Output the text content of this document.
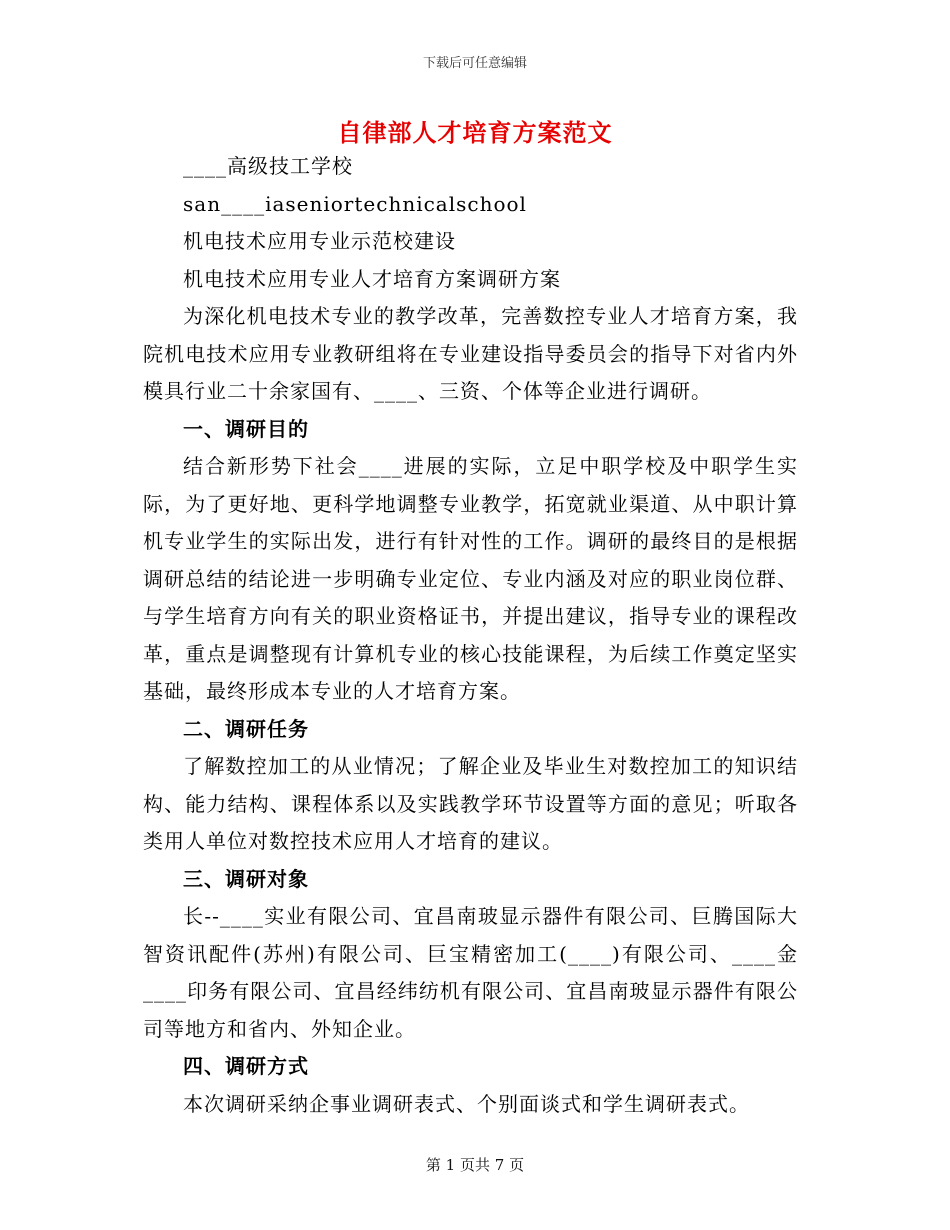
下载后可任意编辑
自律部人才培育方案范文

____高级技工学校

san____iaseniortechnicalschool

机电技术应用专业示范校建设

机电技术应用专业人才培育方案调研方案

为深化机电技术专业的教学改革，完善数控专业人才培育方案，我院机电技术应用专业教研组将在专业建设指导委员会的指导下对省内外模具行业二十余家国有、____、三资、个体等企业进行调研。

一、调研目的

结合新形势下社会____进展的实际，立足中职学校及中职学生实际，为了更好地、更科学地调整专业教学，拓宽就业渠道、从中职计算机专业学生的实际出发，进行有针对性的工作。调研的最终目的是根据调研总结的结论进一步明确专业定位、专业内涵及对应的职业岗位群、与学生培育方向有关的职业资格证书，并提出建议，指导专业的课程改革，重点是调整现有计算机专业的核心技能课程，为后续工作奠定坚实基础，最终形成本专业的人才培育方案。

二、调研任务

了解数控加工的从业情况；了解企业及毕业生对数控加工的知识结构、能力结构、课程体系以及实践教学环节设置等方面的意见；听取各类用人单位对数控技术应用人才培育的建议。

三、调研对象

长--____实业有限公司、宜昌南玻显示器件有限公司、巨腾国际大智资讯配件(苏州)有限公司、巨宝精密加工(____)有限公司、____金____印务有限公司、宜昌经纬纺机有限公司、宜昌南玻显示器件有限公司等地方和省内、外知企业。

四、调研方式

本次调研采纳企事业调研表式、个别面谈式和学生调研表式。

第 1 页共 7 页
